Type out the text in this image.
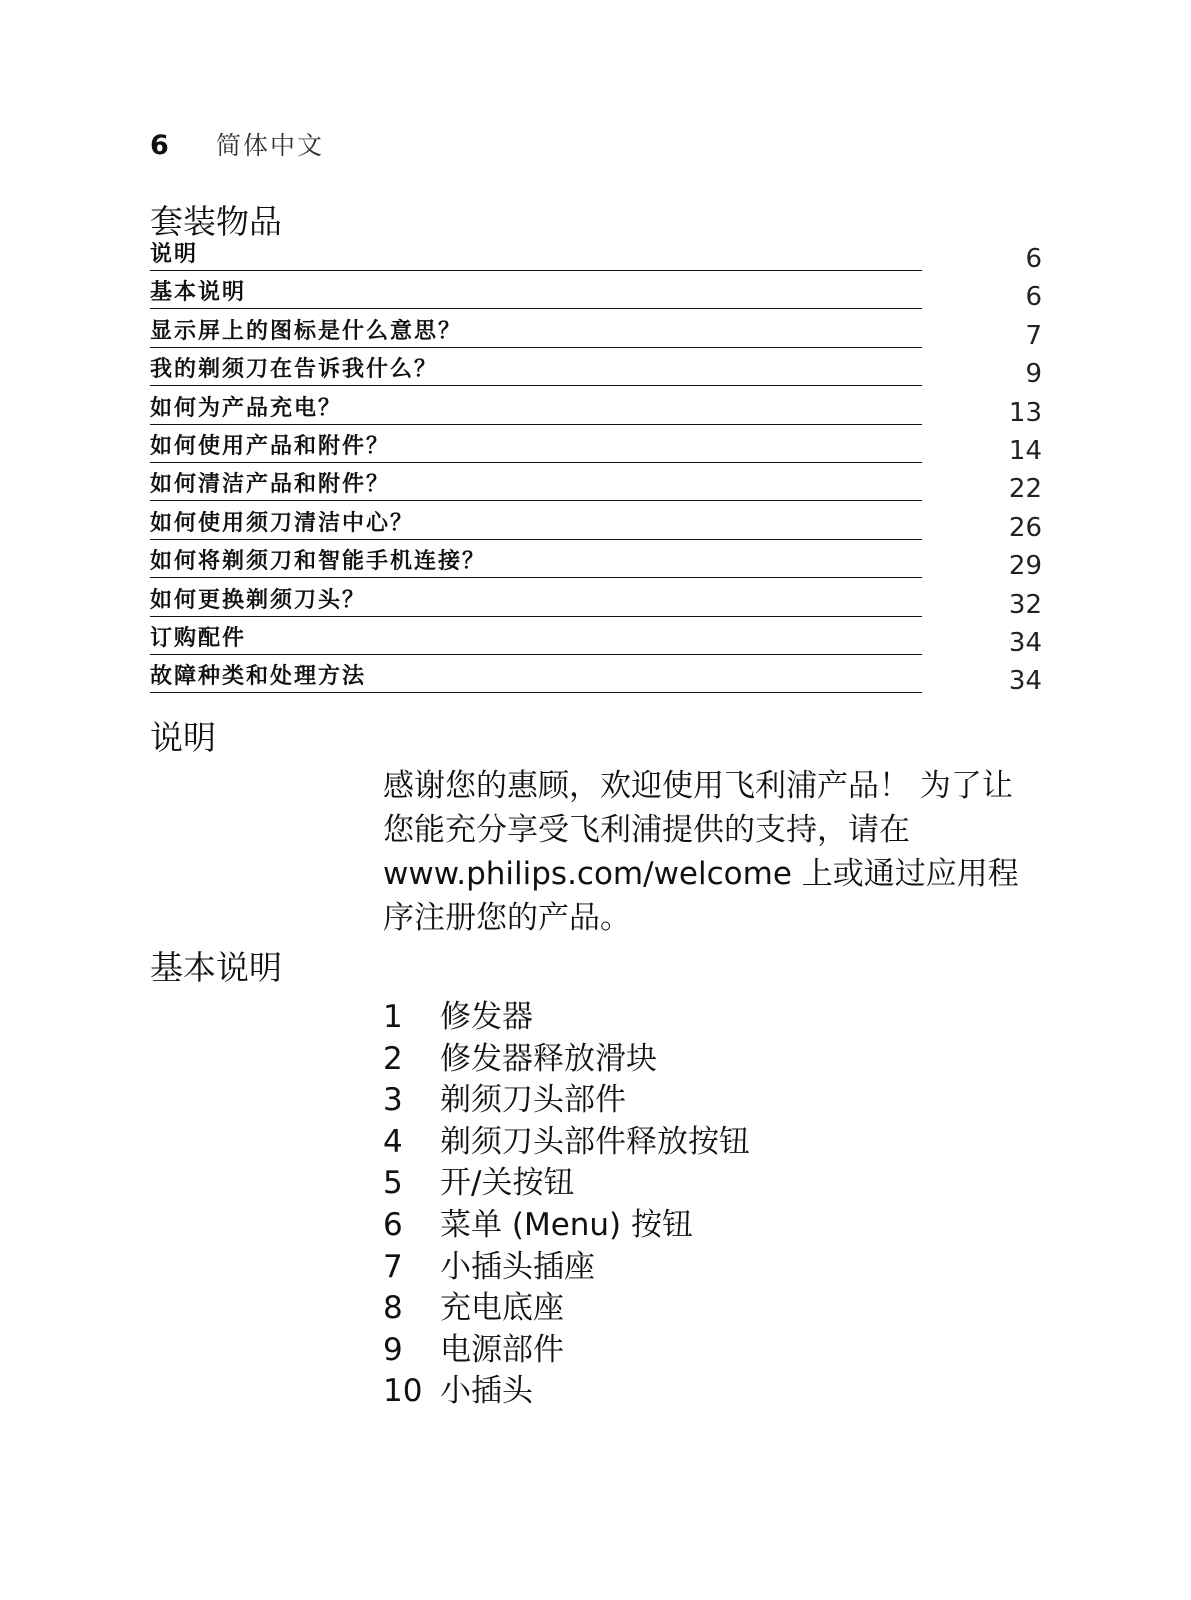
6 简体中文
套装物品
说明	6
基本说明	6
显示屏上的图标是什么意思？	7
我的剃须刀在告诉我什么？	9
如何为产品充电？	13
如何使用产品和附件？	14
如何清洁产品和附件？	22
如何使用须刀清洁中心？	26
如何将剃须刀和智能手机连接？	29
如何更换剃须刀头？	32
订购配件	34
故障种类和处理方法	34
说明

感谢您的惠顾，欢迎使用飞利浦产品！ 为了让您能充分享受飞利浦提供的支持，请在 www.philips.com/welcome 上或通过应用程序注册您的产品。

基本说明
1	修发器
2	修发器释放滑块
3	剃须刀头部件
4	剃须刀头部件释放按钮
5	开/关按钮
6	菜单 (Menu) 按钮
7	小插头插座
8	充电底座
9	电源部件
10 小插头
